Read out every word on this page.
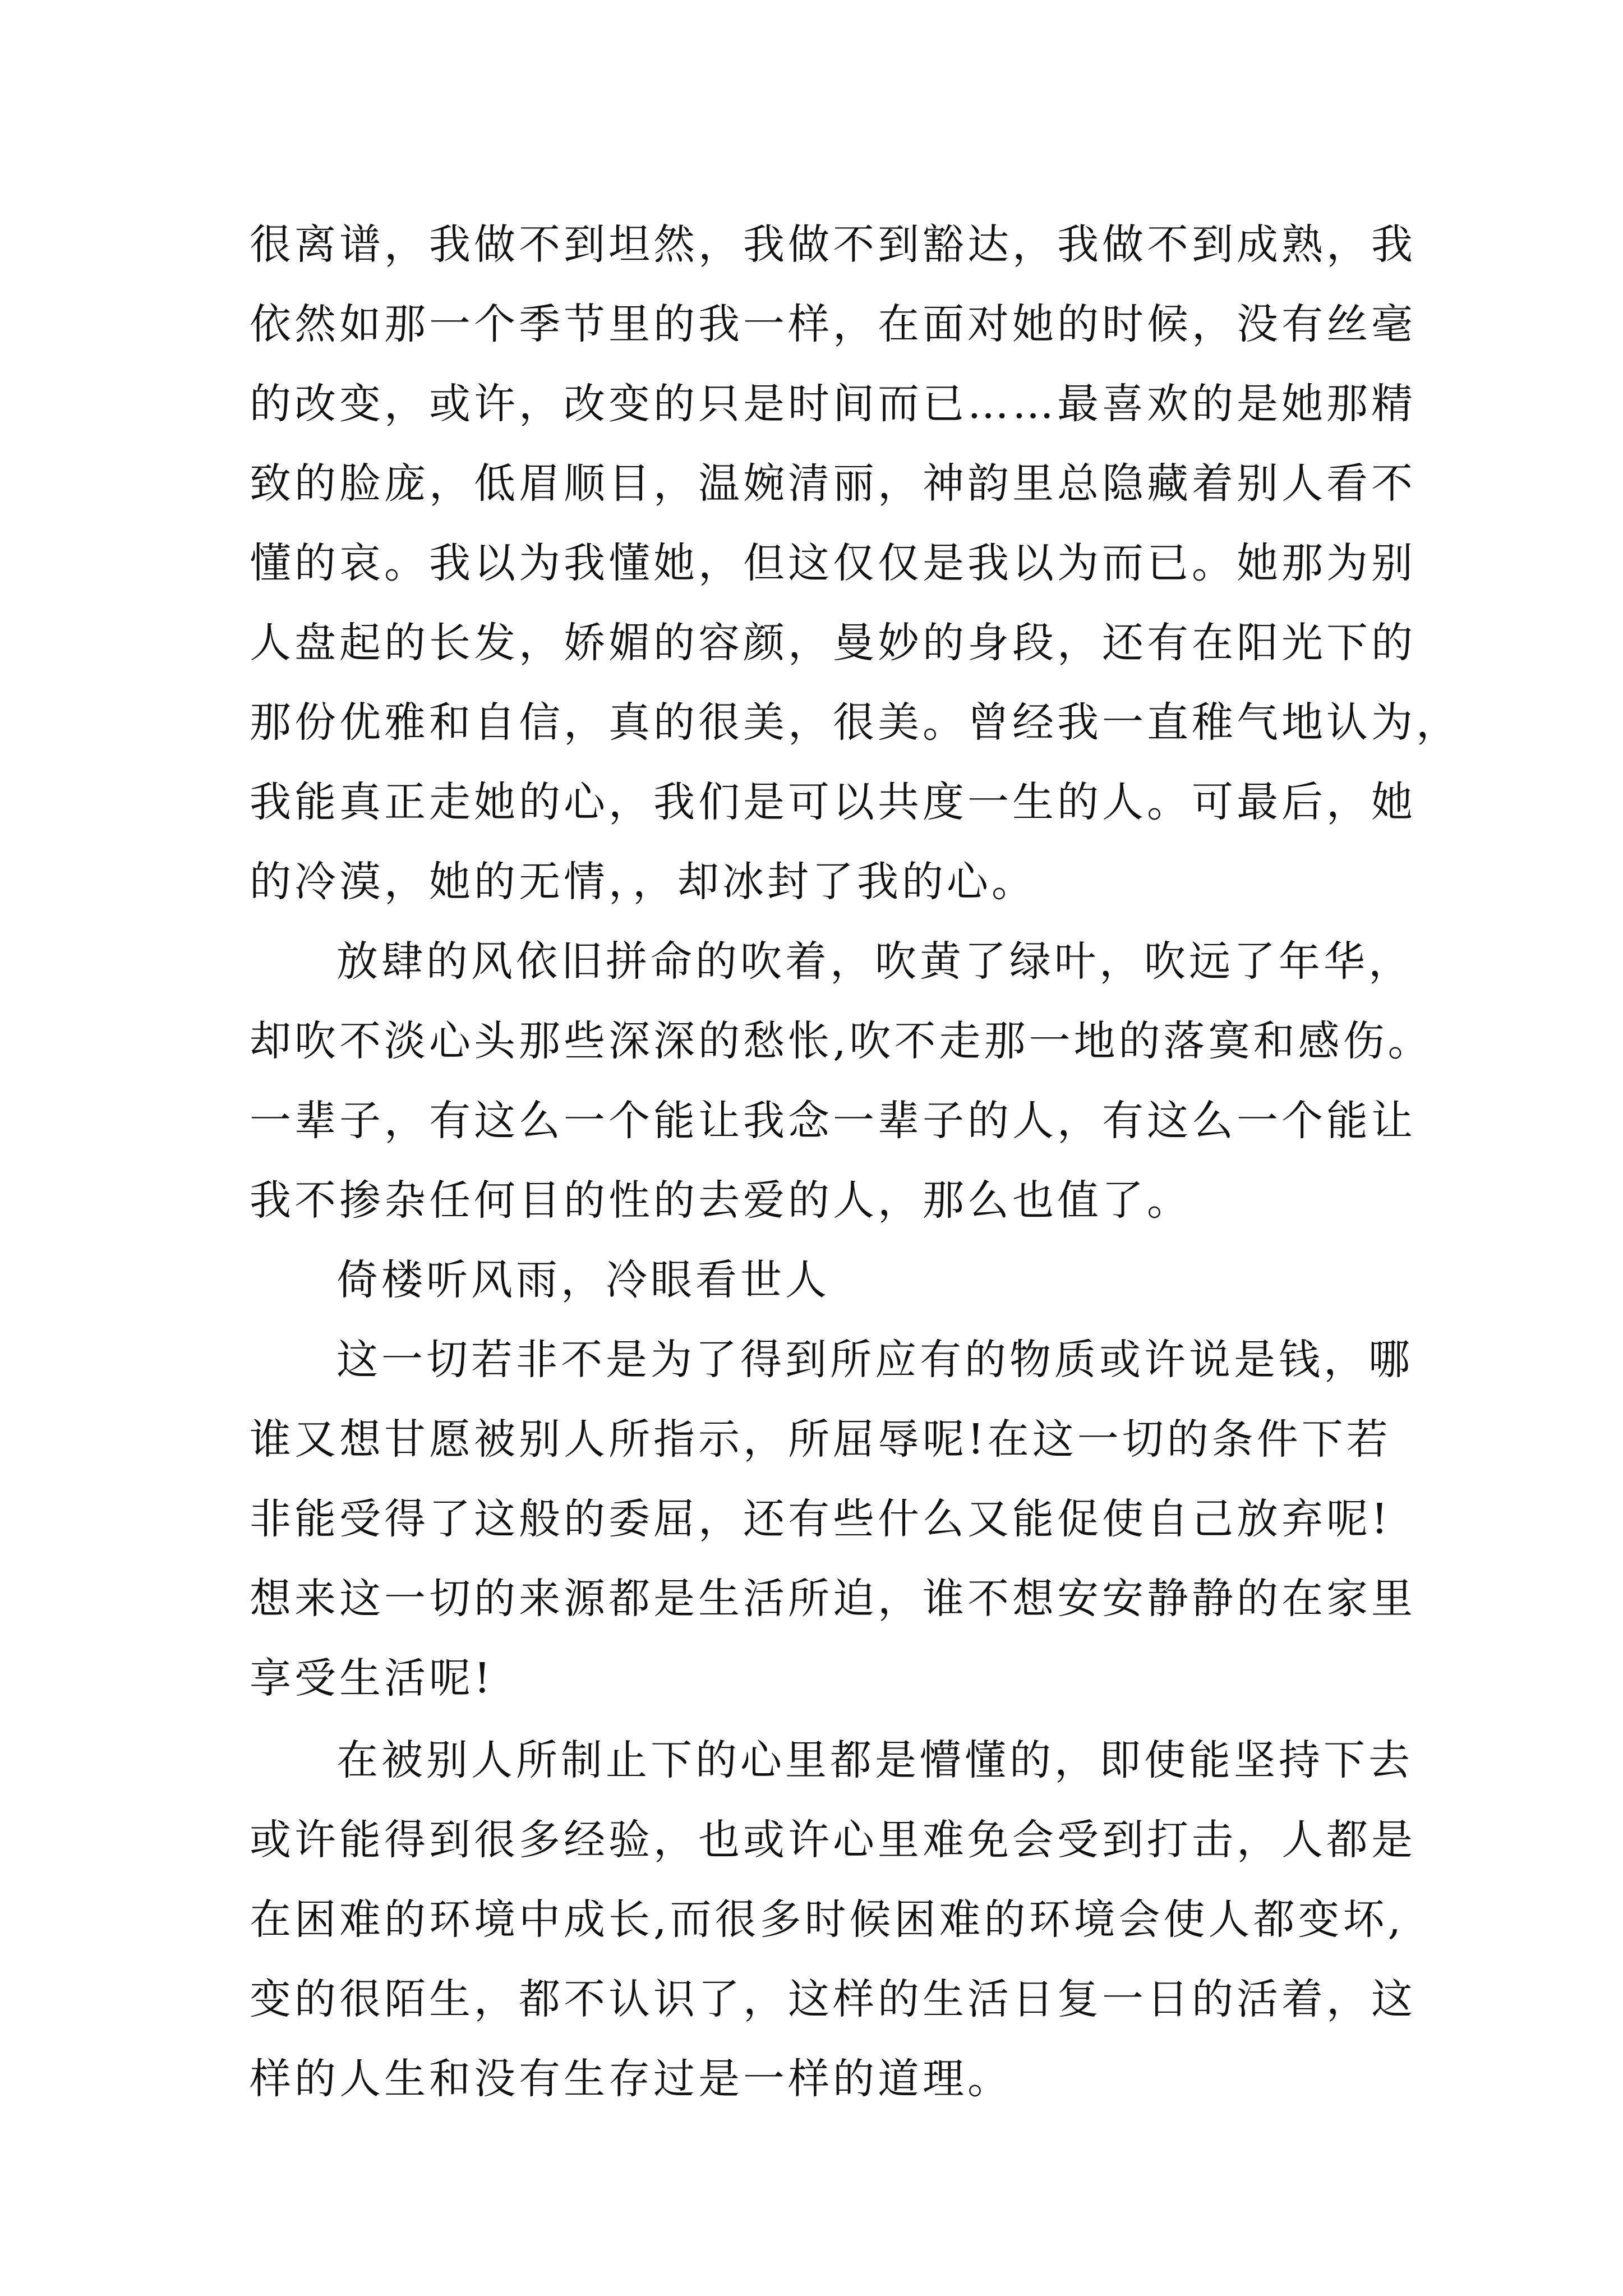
很离谱，我做不到坦然，我做不到豁达，我做不到成熟，我
依然如那一个季节里的我一样，在面对她的时候，没有丝毫
的改变，或许，改变的只是时间而已……最喜欢的是她那精
致的脸庞，低眉顺目，温婉清丽，神韵里总隐藏着别人看不
懂的哀。我以为我懂她，但这仅仅是我以为而已。她那为别
人盘起的长发，娇媚的容颜，曼妙的身段，还有在阳光下的
那份优雅和自信，真的很美，很美。曾经我一直稚气地认为，
我能真正走她的心，我们是可以共度一生的人。可最后，她
的冷漠，她的无情，，却冰封了我的心。
放肆的风依旧拼命的吹着，吹黄了绿叶，吹远了年华，
却吹不淡心头那些深深的愁怅,吹不走那一地的落寞和感伤。
一辈子，有这么一个能让我念一辈子的人，有这么一个能让
我不掺杂任何目的性的去爱的人，那么也值了。
倚楼听风雨，冷眼看世人
这一切若非不是为了得到所应有的物质或许说是钱，哪
谁又想甘愿被别人所指示，所屈辱呢!在这一切的条件下若
非能受得了这般的委屈，还有些什么又能促使自己放弃呢!
想来这一切的来源都是生活所迫，谁不想安安静静的在家里
享受生活呢!
在被别人所制止下的心里都是懵懂的，即使能坚持下去
或许能得到很多经验，也或许心里难免会受到打击，人都是
在困难的环境中成长,而很多时候困难的环境会使人都变坏,
变的很陌生，都不认识了，这样的生活日复一日的活着，这
样的人生和没有生存过是一样的道理。
